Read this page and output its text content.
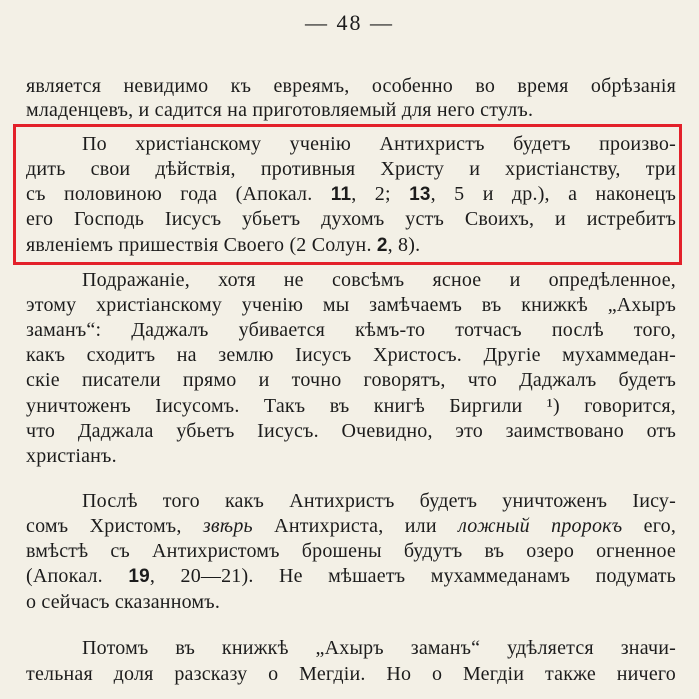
— 48 —
является невидимо къ евреямъ, особенно во время обрѣзанія
младенцевъ, и садится на приготовляемый для него стулъ.
По христіанскому ученію Антихристъ будетъ произво-
дить свои дѣйствія, противныя Христу и христіанству, три
съ половиною года (Апокал. 11, 2; 13, 5 и др.), а наконецъ
его Господь Іисусъ убьетъ духомъ устъ Своихъ, и истребитъ
явленіемъ пришествія Своего (2 Солун. 2, 8).
Подражаніе, хотя не совсѣмъ ясное и опредѣленное,
этому христіанскому ученію мы замѣчаемъ въ книжкѣ „Ахыръ
заманъ“: Даджалъ убивается кѣмъ-то тотчасъ послѣ того,
какъ сходитъ на землю Іисусъ Христосъ. Другіе мухаммедан-
скіе писатели прямо и точно говорятъ, что Даджалъ будетъ
уничтоженъ Іисусомъ. Такъ въ книгѣ Биргили ¹) говорится,
что Даджала убьетъ Іисусъ. Очевидно, это заимствовано отъ
христіанъ.
Послѣ того какъ Антихристъ будетъ уничтоженъ Іису-
сомъ Христомъ, звѣрь Антихриста, или ложный пророкъ его,
вмѣстѣ съ Антихристомъ брошены будутъ въ озеро огненное
(Апокал. 19, 20—21). Не мѣшаетъ мухаммеданамъ подумать
о сейчасъ сказанномъ.
Потомъ въ книжкѣ „Ахыръ заманъ“ удѣляется значи-
тельная доля разсказу о Мегдіи. Но о Мегдіи также ничего
